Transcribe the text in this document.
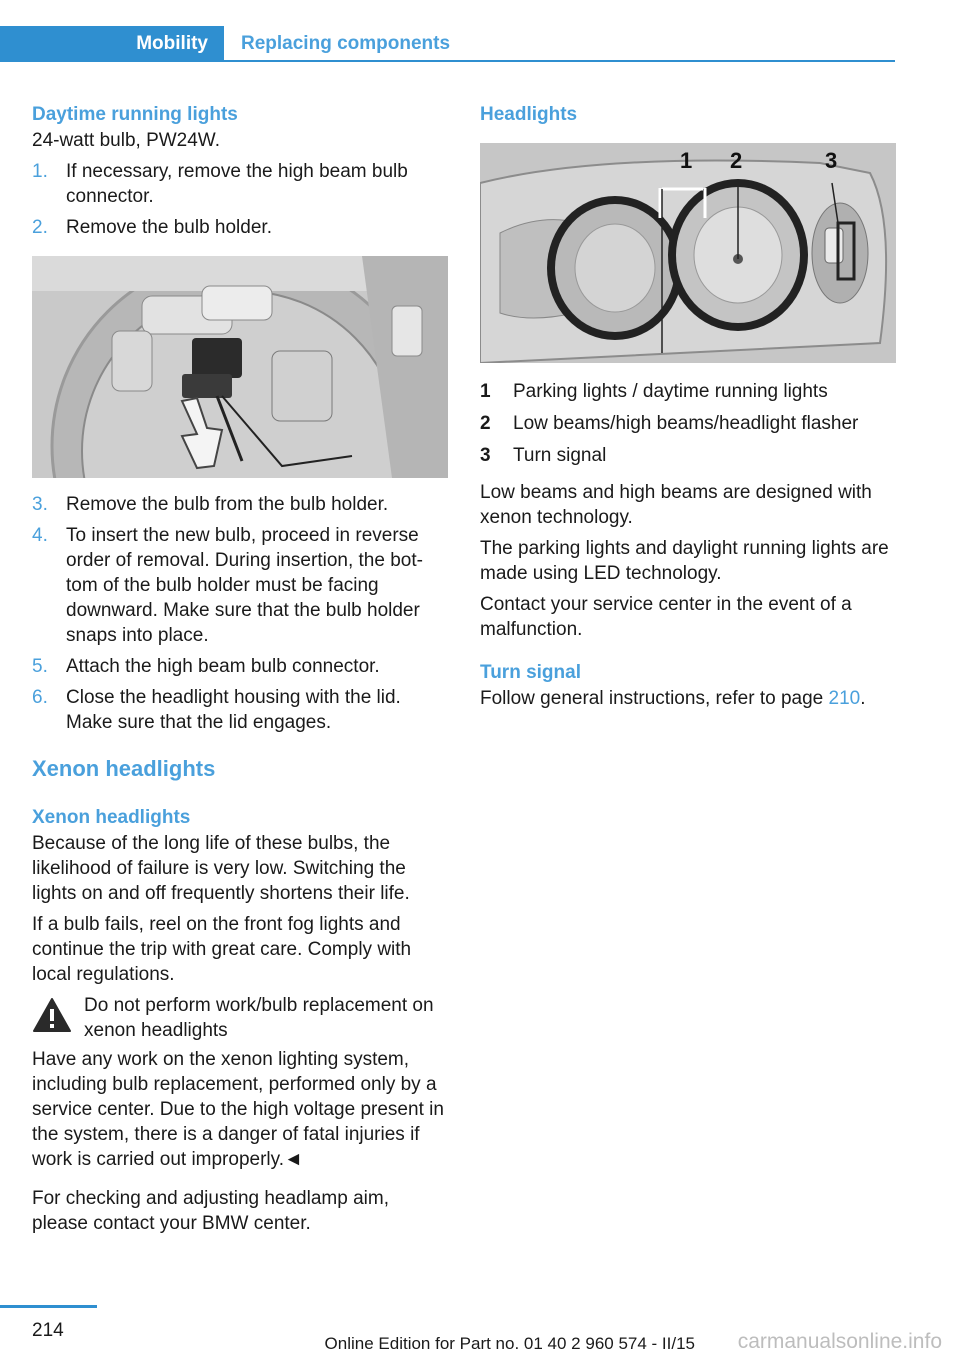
Mobility	Replacing components
Daytime running lights

24-watt bulb, PW24W.

1. If necessary, remove the high beam bulb connector.
2. Remove the bulb holder.
3. Remove the bulb from the bulb holder.
4. To insert the new bulb, proceed in reverse order of removal. During insertion, the bot‐tom of the bulb holder must be facing downward. Make sure that the bulb holder snaps into place.
5. Attach the high beam bulb connector.
6. Close the headlight housing with the lid. Make sure that the lid engages.
Xenon headlights
Xenon headlights

Because of the long life of these bulbs, the likelihood of failure is very low. Switching the lights on and off frequently shortens their life.

If a bulb fails, reel on the front fog lights and continue the trip with great care. Comply with local regulations.

Do not perform work/bulb replacement on xenon headlights

Have any work on the xenon lighting system, including bulb replacement, performed only by a service center. Due to the high voltage present in the system, there is a danger of fatal injuries if work is carried out improperly.◄

For checking and adjusting headlamp aim, please contact your BMW center.

Headlights
1 2	3
1	Parking lights / daytime running lights
2	Low beams/high beams/headlight flasher
3	Turn signal

Low beams and high beams are designed with xenon technology.

The parking lights and daylight running lights are made using LED technology.

Contact your service center in the event of a malfunction.

Turn signal

Follow general instructions, refer to page 210.

214
Online Edition for Part no. 01 40 2 960 574 - II/15 carmanualsonline.info
